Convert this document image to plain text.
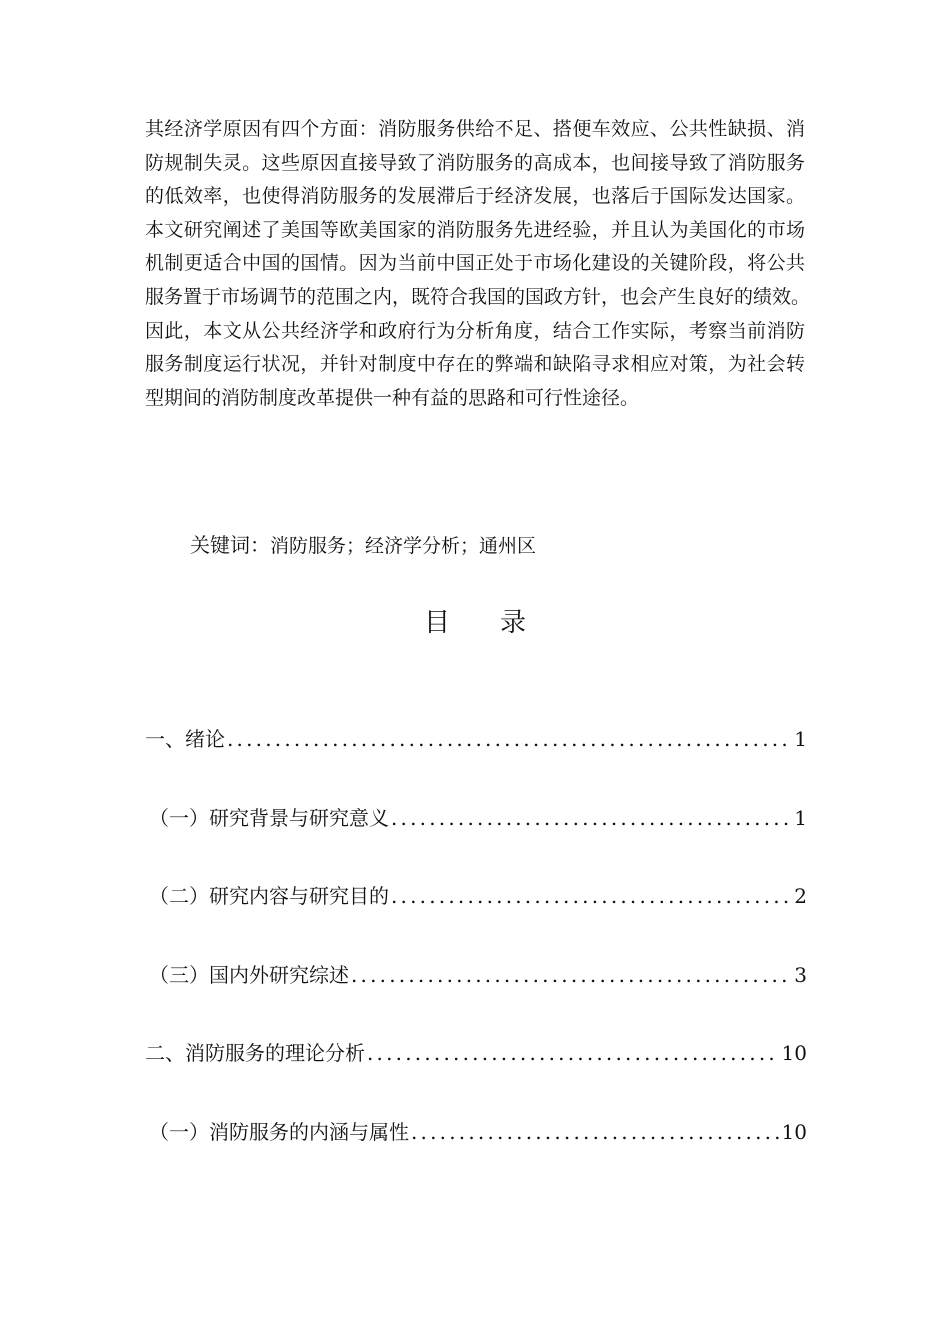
其经济学原因有四个方面：消防服务供给不足、搭便车效应、公共性缺损、消
防规制失灵。这些原因直接导致了消防服务的高成本，也间接导致了消防服务
的低效率，也使得消防服务的发展滞后于经济发展，也落后于国际发达国家。
本文研究阐述了美国等欧美国家的消防服务先进经验，并且认为美国化的市场
机制更适合中国的国情。因为当前中国正处于市场化建设的关键阶段，将公共
服务置于市场调节的范围之内，既符合我国的国政方针，也会产生良好的绩效。
因此，本文从公共经济学和政府行为分析角度，结合工作实际，考察当前消防
服务制度运行状况，并针对制度中存在的弊端和缺陷寻求相应对策，为社会转
型期间的消防制度改革提供一种有益的思路和可行性途径。
关键词：消防服务；经济学分析；通州区
目录
一、绪论 .....	1
（一）研究背景与研究意义 .....	1
（二）研究内容与研究目的 .....	2
（三）国内外研究综述 .....	3
二、消防服务的理论分析 .....	10
（一）消防服务的内涵与属性 .....	10
